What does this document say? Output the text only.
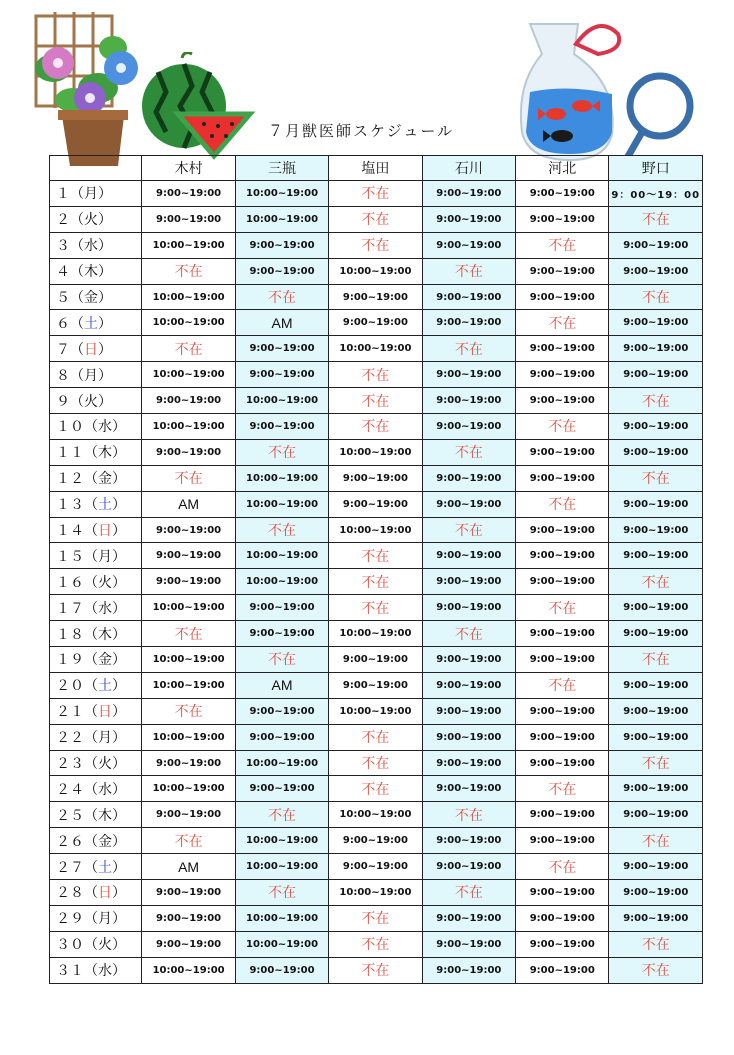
７月獣医師スケジュール
	木村	三瓶	塩田	石川	河北	野口
１（月）	9:00~19:00	10:00~19:00	不在	9:00~19:00	9:00~19:00	9：00～19：00
２（火）	9:00~19:00	10:00~19:00	不在	9:00~19:00	9:00~19:00	不在
３（水）	10:00~19:00	9:00~19:00	不在	9:00~19:00	不在	9:00~19:00
４（木）	不在	9:00~19:00	10:00~19:00	不在	9:00~19:00	9:00~19:00
５（金）	10:00~19:00	不在	9:00~19:00	9:00~19:00	9:00~19:00	不在
６（土）	10:00~19:00	AM	9:00~19:00	9:00~19:00	不在	9:00~19:00
７（日）	不在	9:00~19:00	10:00~19:00	不在	9:00~19:00	9:00~19:00
８（月）	10:00~19:00	9:00~19:00	不在	9:00~19:00	9:00~19:00	9:00~19:00
９（火）	9:00~19:00	10:00~19:00	不在	9:00~19:00	9:00~19:00	不在
１０（水）	10:00~19:00	9:00~19:00	不在	9:00~19:00	不在	9:00~19:00
１１（木）	9:00~19:00	不在	10:00~19:00	不在	9:00~19:00	9:00~19:00
１２（金）	不在	10:00~19:00	9:00~19:00	9:00~19:00	9:00~19:00	不在
１３（土）	AM	10:00~19:00	9:00~19:00	9:00~19:00	不在	9:00~19:00
１４（日）	9:00~19:00	不在	10:00~19:00	不在	9:00~19:00	9:00~19:00
１５（月）	9:00~19:00	10:00~19:00	不在	9:00~19:00	9:00~19:00	9:00~19:00
１６（火）	9:00~19:00	10:00~19:00	不在	9:00~19:00	9:00~19:00	不在
１７（水）	10:00~19:00	9:00~19:00	不在	9:00~19:00	不在	9:00~19:00
１８（木）	不在	9:00~19:00	10:00~19:00	不在	9:00~19:00	9:00~19:00
１９（金）	10:00~19:00	不在	9:00~19:00	9:00~19:00	9:00~19:00	不在
２０（土）	10:00~19:00	AM	9:00~19:00	9:00~19:00	不在	9:00~19:00
２１（日）	不在	9:00~19:00	10:00~19:00	9:00~19:00	9:00~19:00	9:00~19:00
２２（月）	10:00~19:00	9:00~19:00	不在	9:00~19:00	9:00~19:00	9:00~19:00
２３（火）	9:00~19:00	10:00~19:00	不在	9:00~19:00	9:00~19:00	不在
２４（水）	10:00~19:00	9:00~19:00	不在	9:00~19:00	不在	9:00~19:00
２５（木）	9:00~19:00	不在	10:00~19:00	不在	9:00~19:00	9:00~19:00
２６（金）	不在	10:00~19:00	9:00~19:00	9:00~19:00	9:00~19:00	不在
２７（土）	AM	10:00~19:00	9:00~19:00	9:00~19:00	不在	9:00~19:00
２８（日）	9:00~19:00	不在	10:00~19:00	不在	9:00~19:00	9:00~19:00
２９（月）	9:00~19:00	10:00~19:00	不在	9:00~19:00	9:00~19:00	9:00~19:00
３０（火）	9:00~19:00	10:00~19:00	不在	9:00~19:00	9:00~19:00	不在
３１（水）	10:00~19:00	9:00~19:00	不在	9:00~19:00	9:00~19:00	不在
